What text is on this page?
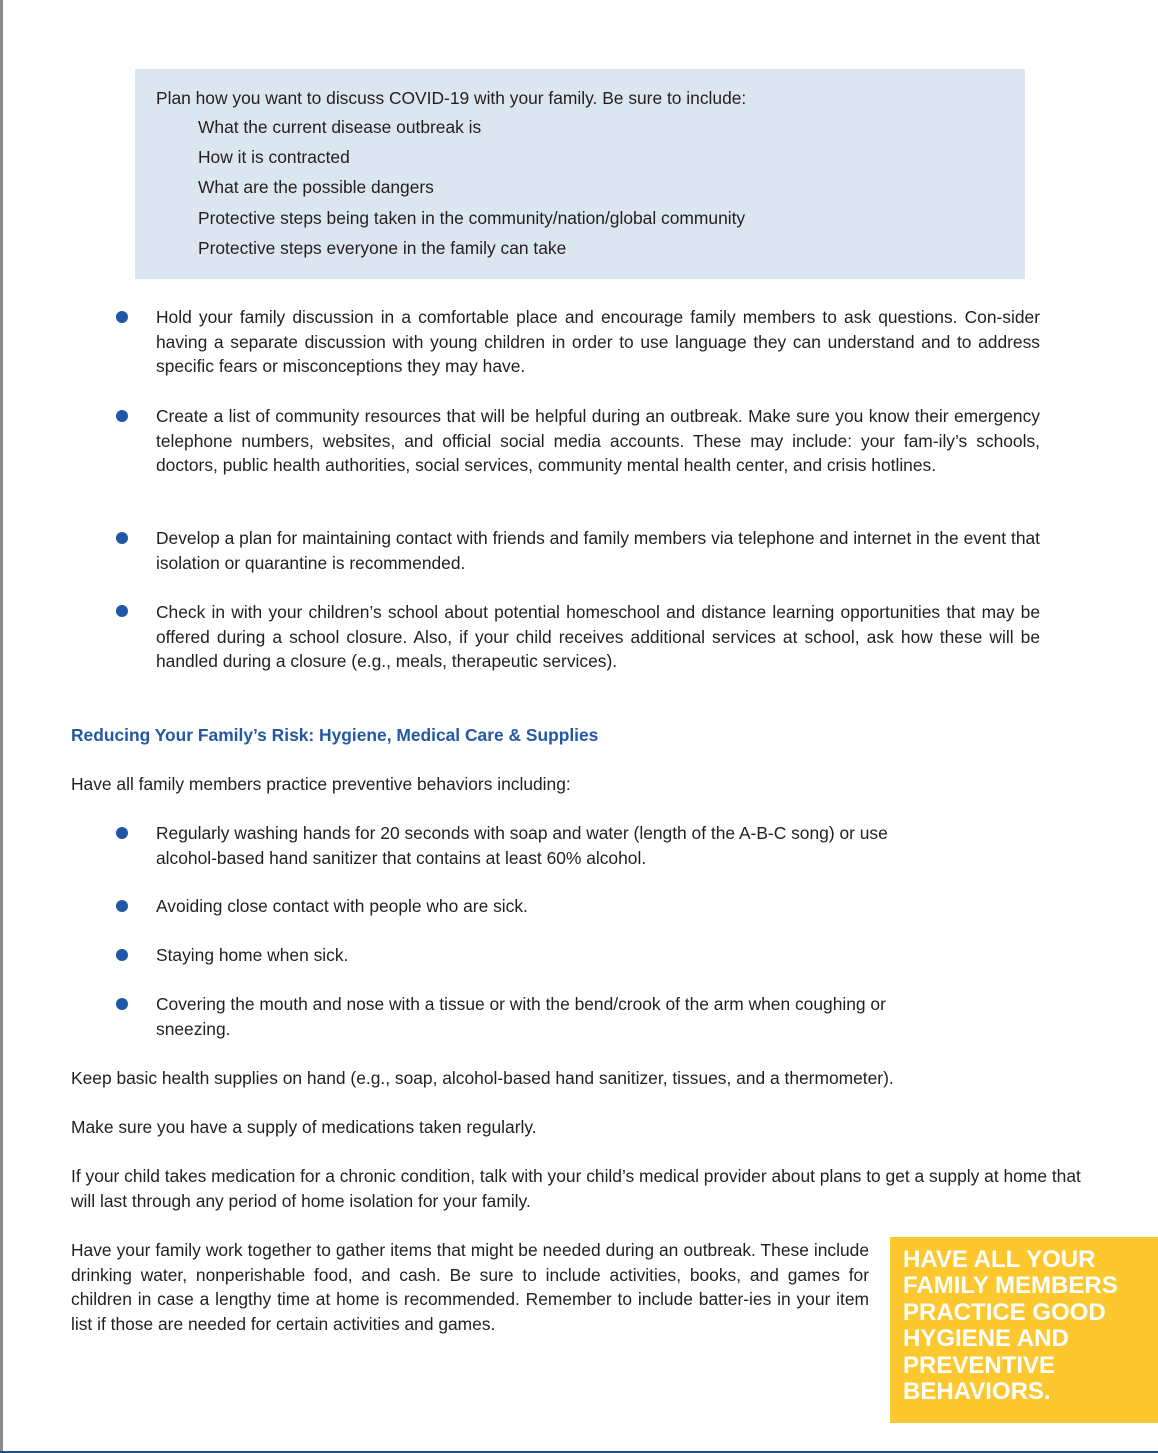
Plan how you want to discuss COVID-19 with your family. Be sure to include:
What the current disease outbreak is
How it is contracted
What are the possible dangers
Protective steps being taken in the community/nation/global community
Protective steps everyone in the family can take
Hold your family discussion in a comfortable place and encourage family members to ask questions. Con-sider having a separate discussion with young children in order to use language they can understand and to address specific fears or misconceptions they may have.
Create a list of community resources that will be helpful during an outbreak. Make sure you know their emergency telephone numbers, websites, and official social media accounts. These may include: your fam-ily’s schools, doctors, public health authorities, social services, community mental health center, and crisis hotlines.
Develop a plan for maintaining contact with friends and family members via telephone and internet in the event that isolation or quarantine is recommended.
Check in with your children’s school about potential homeschool and distance learning opportunities that may be offered during a school closure. Also, if your child receives additional services at school, ask how these will be handled during a closure (e.g., meals, therapeutic services).
Reducing Your Family’s Risk: Hygiene, Medical Care & Supplies
Have all family members practice preventive behaviors including:
Regularly washing hands for 20 seconds with soap and water (length of the A-B-C song) or use alcohol-based hand sanitizer that contains at least 60% alcohol.
Avoiding close contact with people who are sick.
Staying home when sick.
Covering the mouth and nose with a tissue or with the bend/crook of the arm when coughing or sneezing.
Keep basic health supplies on hand (e.g., soap, alcohol-based hand sanitizer, tissues, and a thermometer).
Make sure you have a supply of medications taken regularly.
If your child takes medication for a chronic condition, talk with your child’s medical provider about plans to get a supply at home that will last through any period of home isolation for your family.
Have your family work together to gather items that might be needed during an outbreak. These include drinking water, nonperishable food, and cash. Be sure to include activities, books, and games for children in case a lengthy time at home is recommended. Remember to include batter-ies in your item list if those are needed for certain activities and games.
HAVE ALL YOUR FAMILY MEMBERS PRACTICE GOOD HYGIENE AND PREVENTIVE BEHAVIORS.
